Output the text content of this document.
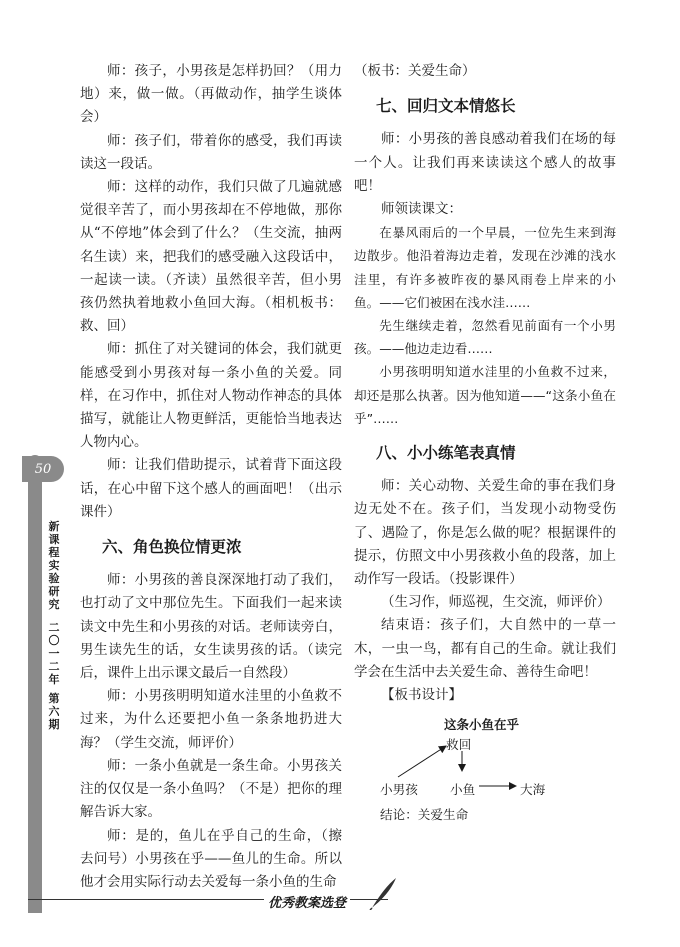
50
新
课
程
实
验
研
究
二
〇
一
二
年
第
六
期

师：孩子，小男孩是怎样扔回？（用力地）来，做一做。（再做动作，抽学生谈体会）

师：孩子们，带着你的感受，我们再读读这一段话。

师：这样的动作，我们只做了几遍就感觉很辛苦了，而小男孩却在不停地做，那你从“不停地”体会到了什么？（生交流，抽两名生读）来，把我们的感受融入这段话中，一起读一读。（齐读）虽然很辛苦，但小男孩仍然执着地救小鱼回大海。（相机板书：救、回）

师：抓住了对关键词的体会，我们就更能感受到小男孩对每一条小鱼的关爱。同样，在习作中，抓住对人物动作神态的具体描写，就能让人物更鲜活，更能恰当地表达人物内心。

师：让我们借助提示，试着背下面这段话，在心中留下这个感人的画面吧！（出示课件）

六、角色换位情更浓

师：小男孩的善良深深地打动了我们，也打动了文中那位先生。下面我们一起来读读文中先生和小男孩的对话。老师读旁白，男生读先生的话，女生读男孩的话。（读完后，课件上出示课文最后一自然段）

师：小男孩明明知道水洼里的小鱼救不过来，为什么还要把小鱼一条条地扔进大海？（学生交流，师评价）

师：一条小鱼就是一条生命。小男孩关注的仅仅是一条小鱼吗？（不是）把你的理解告诉大家。

师：是的，鱼儿在乎自己的生命，（擦去问号）小男孩在乎——鱼儿的生命。所以他才会用实际行动去关爱每一条小鱼的生命

（板书：关爱生命）

七、回归文本情悠长

师：小男孩的善良感动着我们在场的每一个人。让我们再来读读这个感人的故事吧！

师领读课文：

在暴风雨后的一个早晨，一位先生来到海边散步。他沿着海边走着，发现在沙滩的浅水洼里，有许多被昨夜的暴风雨卷上岸来的小鱼。——它们被困在浅水洼……

先生继续走着，忽然看见前面有一个小男孩。——他边走边看……

小男孩明明知道水洼里的小鱼救不过来，却还是那么执著。因为他知道——“这条小鱼在乎”……

八、小小练笔表真情

师：关心动物、关爱生命的事在我们身边无处不在。孩子们，当发现小动物受伤了、遇险了，你是怎么做的呢？根据课件的提示，仿照文中小男孩救小鱼的段落，加上动作写一段话。（投影课件）

（生习作，师巡视，生交流，师评价）

结束语：孩子们，大自然中的一草一木，一虫一鸟，都有自己的生命。就让我们学会在生活中去关爱生命、善待生命吧！

【板书设计】

这条小鱼在乎
救回
小男孩	小鱼	大海
结论：关爱生命
优秀教案选登
